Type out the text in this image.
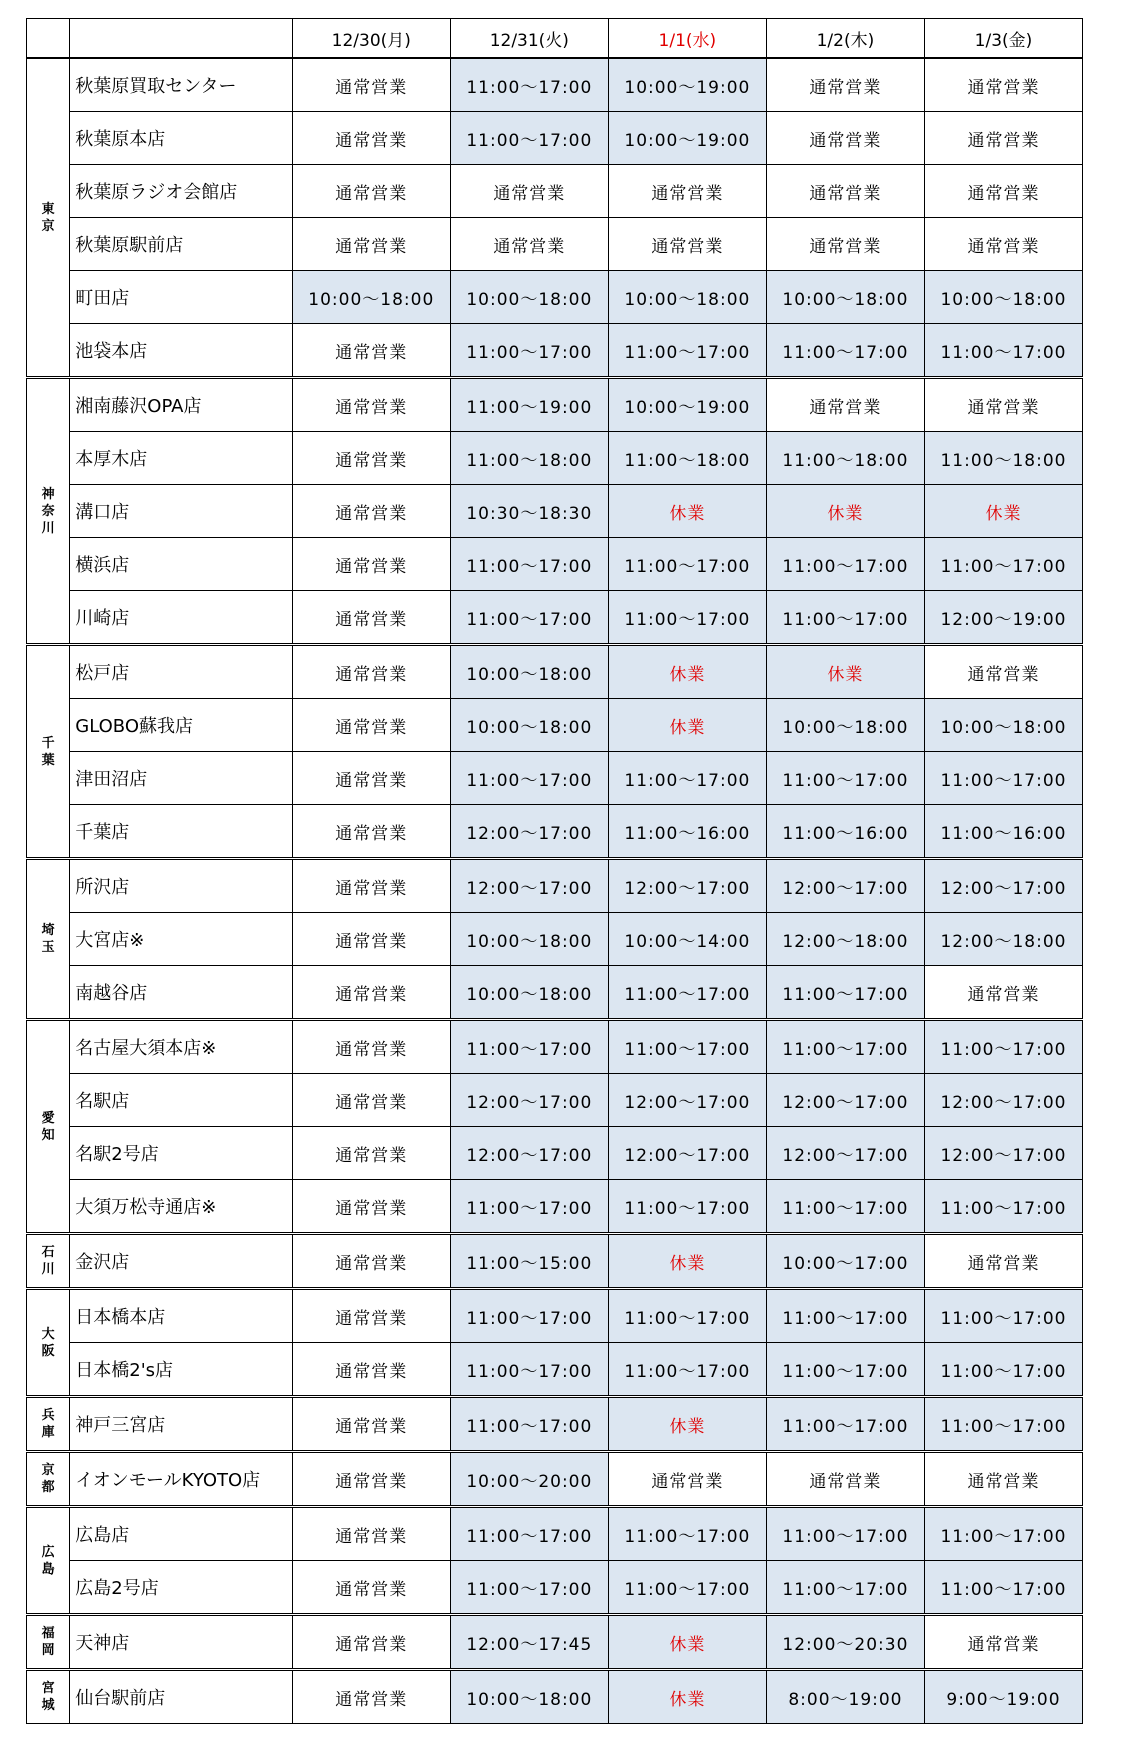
		12/30(月)	12/31(火)	1/1(水)	1/2(木)	1/3(金)
東
京	秋葉原買取センター	通常営業	11:00～17:00	10:00～19:00	通常営業	通常営業
	秋葉原本店	通常営業	11:00～17:00	10:00～19:00	通常営業	通常営業
	秋葉原ラジオ会館店	通常営業	通常営業	通常営業	通常営業	通常営業
	秋葉原駅前店	通常営業	通常営業	通常営業	通常営業	通常営業
	町田店	10:00～18:00	10:00～18:00	10:00～18:00	10:00～18:00	10:00～18:00
	池袋本店	通常営業	11:00～17:00	11:00～17:00	11:00～17:00	11:00～17:00
神
奈
川	湘南藤沢OPA店	通常営業	11:00～19:00	10:00～19:00	通常営業	通常営業
	本厚木店	通常営業	11:00～18:00	11:00～18:00	11:00～18:00	11:00～18:00
	溝口店	通常営業	10:30～18:30	休業	休業	休業
	横浜店	通常営業	11:00～17:00	11:00～17:00	11:00～17:00	11:00～17:00
	川崎店	通常営業	11:00～17:00	11:00～17:00	11:00～17:00	12:00～19:00
千
葉	松戸店	通常営業	10:00～18:00	休業	休業	通常営業
	GLOBO蘇我店	通常営業	10:00～18:00	休業	10:00～18:00	10:00～18:00
	津田沼店	通常営業	11:00～17:00	11:00～17:00	11:00～17:00	11:00～17:00
	千葉店	通常営業	12:00～17:00	11:00～16:00	11:00～16:00	11:00～16:00
埼
玉	所沢店	通常営業	12:00～17:00	12:00～17:00	12:00～17:00	12:00～17:00
	大宮店※	通常営業	10:00～18:00	10:00～14:00	12:00～18:00	12:00～18:00
	南越谷店	通常営業	10:00～18:00	11:00～17:00	11:00～17:00	通常営業
愛
知	名古屋大須本店※	通常営業	11:00～17:00	11:00～17:00	11:00～17:00	11:00～17:00
	名駅店	通常営業	12:00～17:00	12:00～17:00	12:00～17:00	12:00～17:00
	名駅2号店	通常営業	12:00～17:00	12:00～17:00	12:00～17:00	12:00～17:00
	大須万松寺通店※	通常営業	11:00～17:00	11:00～17:00	11:00～17:00	11:00～17:00
石
川	金沢店	通常営業	11:00～15:00	休業	10:00～17:00	通常営業
大
阪	日本橋本店	通常営業	11:00～17:00	11:00～17:00	11:00～17:00	11:00～17:00
	日本橋2's店	通常営業	11:00～17:00	11:00～17:00	11:00～17:00	11:00～17:00
兵
庫	神戸三宮店	通常営業	11:00～17:00	休業	11:00～17:00	11:00～17:00
京
都	イオンモールKYOTO店	通常営業	10:00～20:00	通常営業	通常営業	通常営業
広
島	広島店	通常営業	11:00～17:00	11:00～17:00	11:00～17:00	11:00～17:00
	広島2号店	通常営業	11:00～17:00	11:00～17:00	11:00～17:00	11:00～17:00
福
岡	天神店	通常営業	12:00～17:45	休業	12:00～20:30	通常営業
宮
城	仙台駅前店	通常営業	10:00～18:00	休業	8:00～19:00	9:00～19:00
